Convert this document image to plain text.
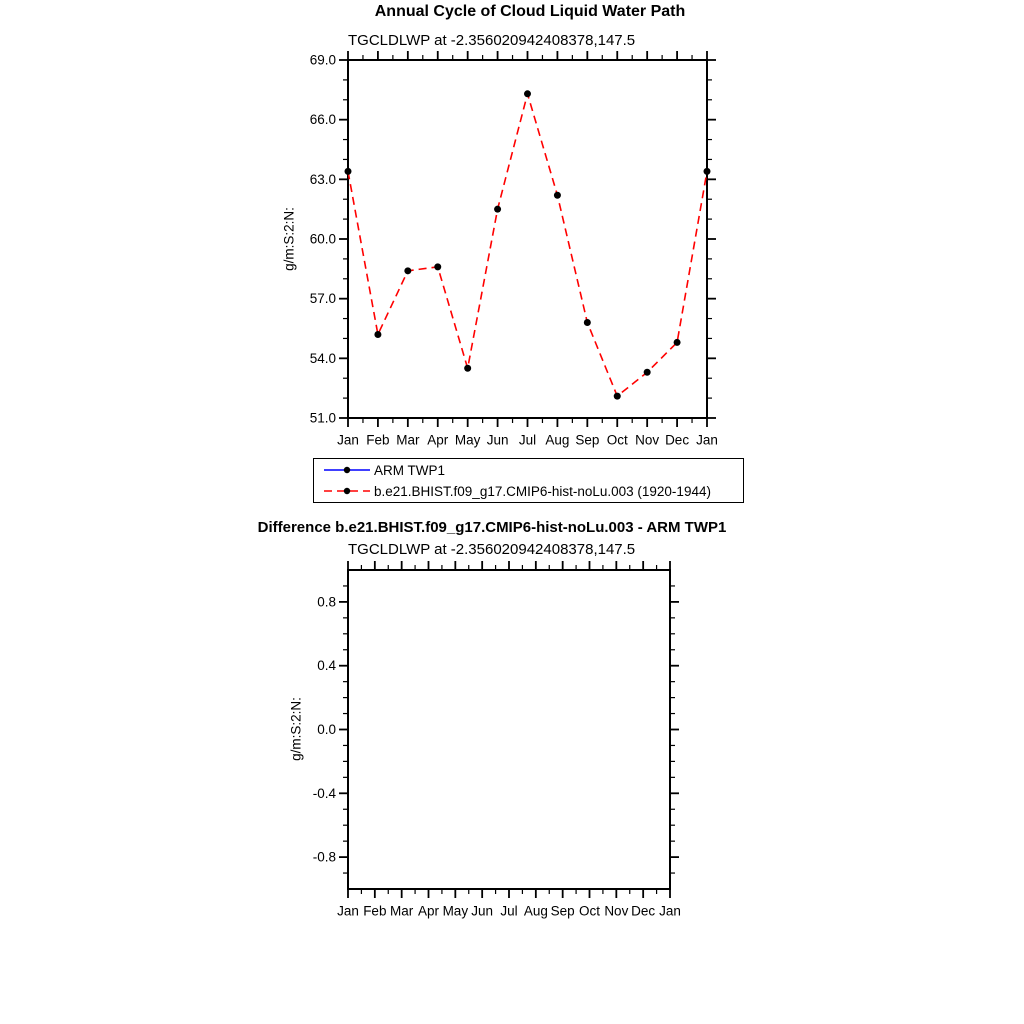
Jan Feb Mar Apr May Jun Jul Aug Sep Oct Nov Dec Jan
69.0
66.0
63.0
60.0
57.0
54.0
51.0
Jan Feb Mar Apr May Jun Jul Aug Sep Oct Nov Dec Jan
0.8
0.4
0.0
-0.4
-0.8
Annual Cycle of Cloud Liquid Water Path
TGCLDLWP at -2.356020942408378,147.5
g/m:S:2:N:
ARM TWP1
b.e21.BHIST.f09_g17.CMIP6-hist-noLu.003 (1920-1944)
Difference b.e21.BHIST.f09_g17.CMIP6-hist-noLu.003 - ARM TWP1
TGCLDLWP at -2.356020942408378,147.5
g/m:S:2:N:
